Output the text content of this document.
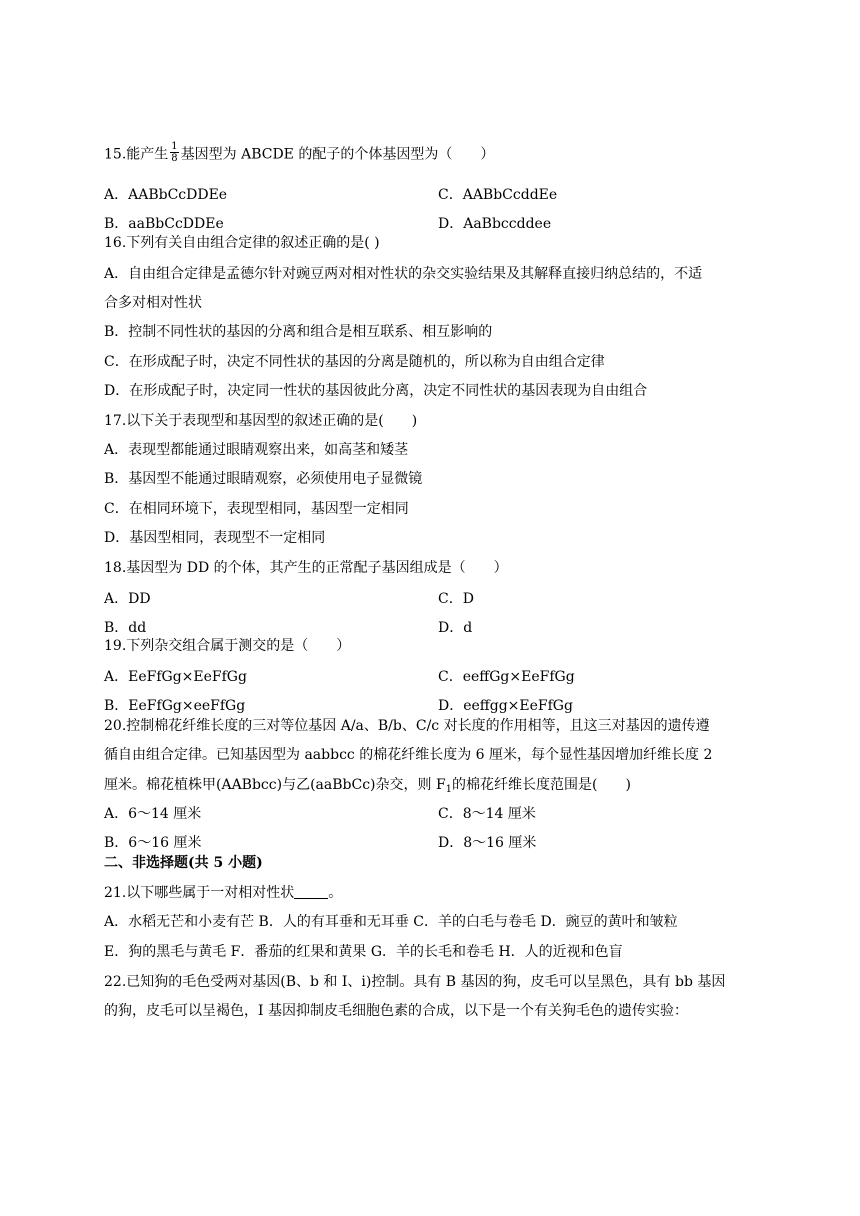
15.能产生 $\frac{1}{8}$ 基因型为 ABCDE 的配子的个体基因型为（　　）
A．AABbCcDDEe	C．AABbCcddEe
B．aaBbCcDDEe	D．AaBbccddee
16.下列有关自由组合定律的叙述正确的是( )
A．自由组合定律是孟德尔针对豌豆两对相对性状的杂交实验结果及其解释直接归纳总结的，不适
合多对相对性状
B．控制不同性状的基因的分离和组合是相互联系、相互影响的
C．在形成配子时，决定不同性状的基因的分离是随机的，所以称为自由组合定律
D．在形成配子时，决定同一性状的基因彼此分离，决定不同性状的基因表现为自由组合
17.以下关于表现型和基因型的叙述正确的是(　　)
A．表现型都能通过眼睛观察出来，如高茎和矮茎
B．基因型不能通过眼睛观察，必须使用电子显微镜
C．在相同环境下，表现型相同，基因型一定相同
D．基因型相同，表现型不一定相同
18.基因型为 DD 的个体，其产生的正常配子基因组成是（　　）
A．DD	C．D
B．dd	D．d
19.下列杂交组合属于测交的是（　　）
A．EeFfGg×EeFfGg	C．eeffGg×EeFfGg
B．EeFfGg×eeFfGg	D．eeffgg×EeFfGg
20.控制棉花纤维长度的三对等位基因 A/a、B/b、C/c 对长度的作用相等，且这三对基因的遗传遵
循自由组合定律。已知基因型为 aabbcc 的棉花纤维长度为 6 厘米，每个显性基因增加纤维长度 2
厘米。棉花植株甲(AABbcc)与乙(aaBbCc)杂交，则 $F_1$的棉花纤维长度范围是(　　)
A．6～14 厘米	C．8～14 厘米
B．6～16 厘米	D．8～16 厘米
二、非选择题(共 5 小题)
21.以下哪些属于一对相对性状 。
A．水稻无芒和小麦有芒 B．人的有耳垂和无耳垂 C．羊的白毛与卷毛 D．豌豆的黄叶和皱粒
E．狗的黑毛与黄毛 F．番茄的红果和黄果 G．羊的长毛和卷毛 H．人的近视和色盲
22.已知狗的毛色受两对基因(B、b 和 I、i)控制。具有 B 基因的狗，皮毛可以呈黑色，具有 bb 基因
的狗，皮毛可以呈褐色，I 基因抑制皮毛细胞色素的合成，以下是一个有关狗毛色的遗传实验：
